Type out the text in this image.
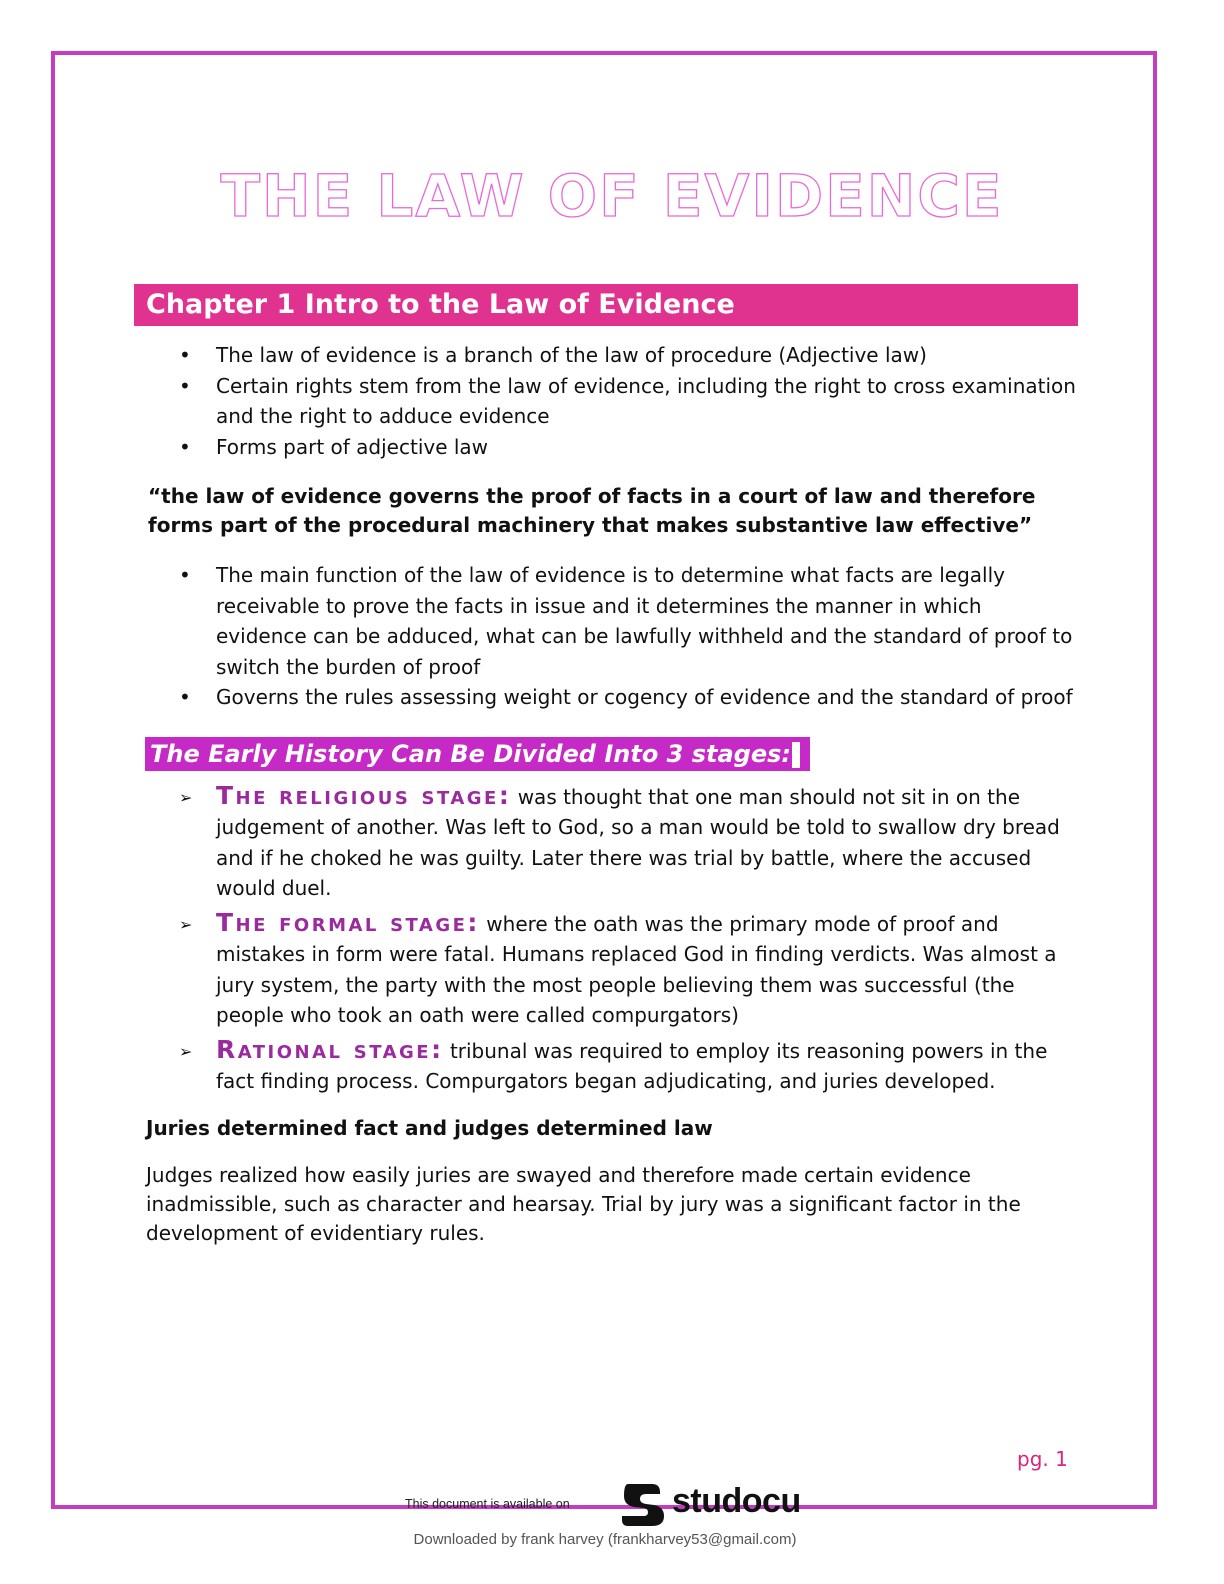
THE LAW OF EVIDENCE
Chapter 1 Intro to the Law of Evidence
• The law of evidence is a branch of the law of procedure (Adjective law)
• Certain rights stem from the law of evidence, including the right to cross examination and the right to adduce evidence
• Forms part of adjective law

“the law of evidence governs the proof of facts in a court of law and therefore forms part of the procedural machinery that makes substantive law effective”

• The main function of the law of evidence is to determine what facts are legally receivable to prove the facts in issue and it determines the manner in which evidence can be adduced, what can be lawfully withheld and the standard of proof to switch the burden of proof
• Governs the rules assessing weight or cogency of evidence and the standard of proof
The Early History Can Be Divided Into 3 stages:
➢ The religious stage: was thought that one man should not sit in on the judgement of another. Was left to God, so a man would be told to swallow dry bread and if he choked he was guilty. Later there was trial by battle, where the accused would duel.
➢ The formal stage: where the oath was the primary mode of proof and mistakes in form were fatal. Humans replaced God in finding verdicts. Was almost a jury system, the party with the most people believing them was successful (the people who took an oath were called compurgators)
➢ Rational stage: tribunal was required to employ its reasoning powers in the fact finding process. Compurgators began adjudicating, and juries developed.
Juries determined fact and judges determined law
Judges realized how easily juries are swayed and therefore made certain evidence inadmissible, such as character and hearsay. Trial by jury was a significant factor in the development of evidentiary rules.
pg. 1
This document is available on	studocu
Downloaded by frank harvey (frankharvey53@gmail.com)
